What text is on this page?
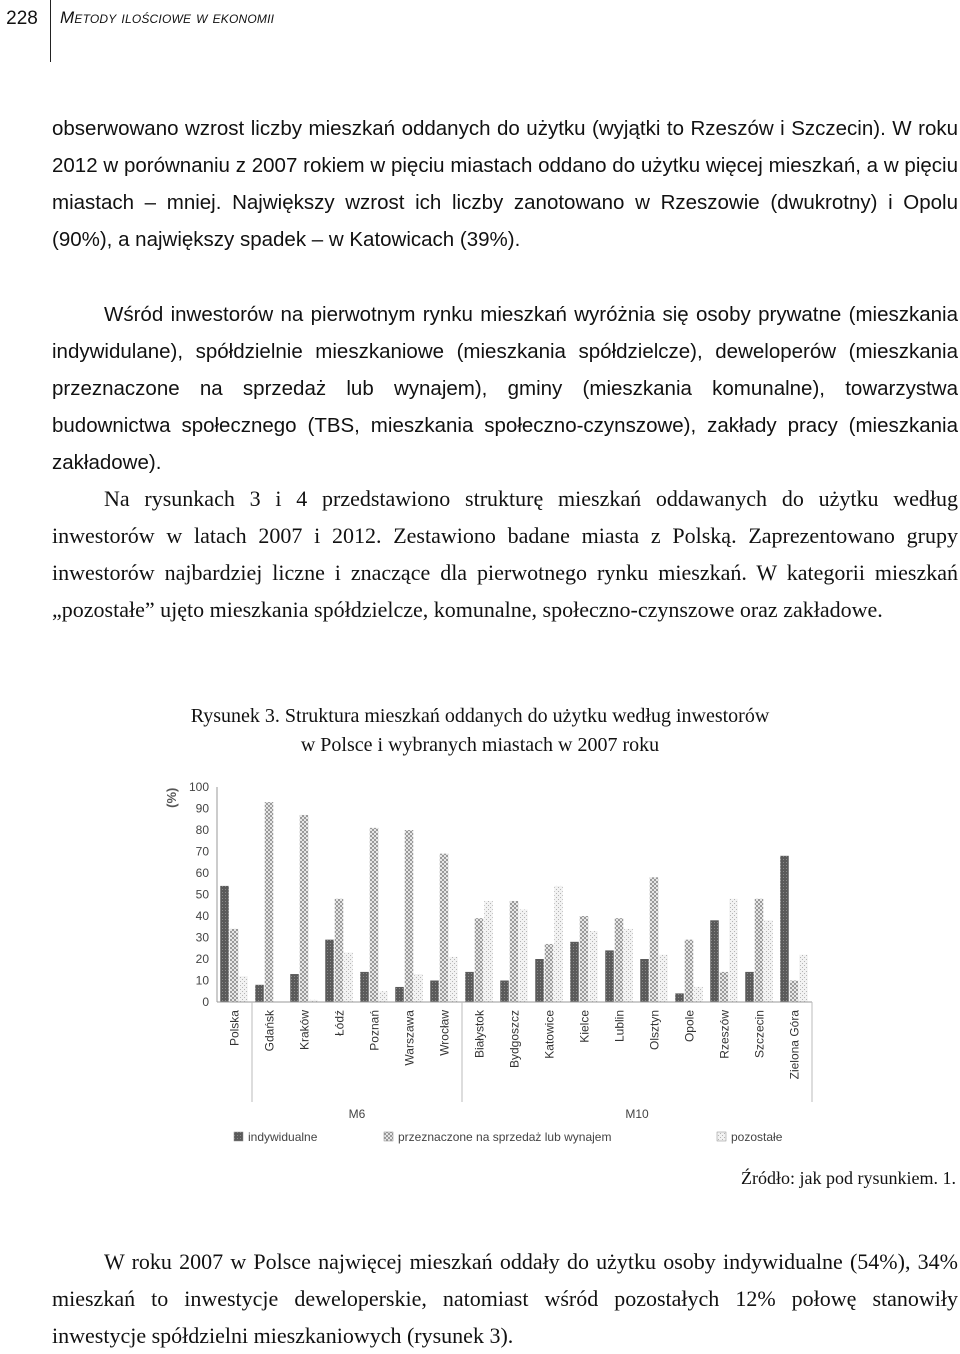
228	Metody ilościowe w ekonomii

obserwowano wzrost liczby mieszkań oddanych do użytku (wyjątki to Rzeszów i Szczecin). W roku 2012 w porównaniu z 2007 rokiem w pięciu miastach oddano do użytku więcej mieszkań, a w pięciu miastach – mniej. Największy wzrost ich liczby zanotowano w Rzeszowie (dwukrotny) i Opolu (90%), a największy spadek – w Katowicach (39%).

Wśród inwestorów na pierwotnym rynku mieszkań wyróżnia się osoby prywatne (mieszkania indywidulane), spółdzielnie mieszkaniowe (mieszkania spółdzielcze), deweloperów (mieszkania przeznaczone na sprzedaż lub wynajem), gminy (mieszkania komunalne), towarzystwa budownictwa społecznego (TBS, mieszkania społeczno-czynszowe), zakłady pracy (mieszkania zakładowe).

Na rysunkach 3 i 4 przedstawiono strukturę mieszkań oddawanych do użytku według inwestorów w latach 2007 i 2012. Zestawiono badane miasta z Polską. Zaprezentowano grupy inwestorów najbardziej liczne i znaczące dla pierwotnego rynku mieszkań. W kategorii mieszkań „pozostałe” ujęto mieszkania spółdzielcze, komunalne, społeczno-czynszowe oraz zakładowe.

Rysunek 3. Struktura mieszkań oddanych do użytku według inwestorów
w Polsce i wybranych miastach w 2007 roku
0
10
20
30
40
50
60
70
80
90
100
(%)
Polska Gdańsk Kraków Łódź Poznań Warszawa Wrocław Białystok Bydgoszcz Katowice Kielce Lublin Olsztyn Opole Rzeszów Szczecin Zielona Góra
M6	M10
indywidualne	przeznaczone na sprzedaż lub wynajem	pozostałe
Źródło: jak pod rysunkiem. 1.

W roku 2007 w Polsce najwięcej mieszkań oddały do użytku osoby indywidualne (54%), 34% mieszkań to inwestycje deweloperskie, natomiast wśród pozostałych 12% połowę stanowiły inwestycje spółdzielni mieszkaniowych (rysunek 3).
